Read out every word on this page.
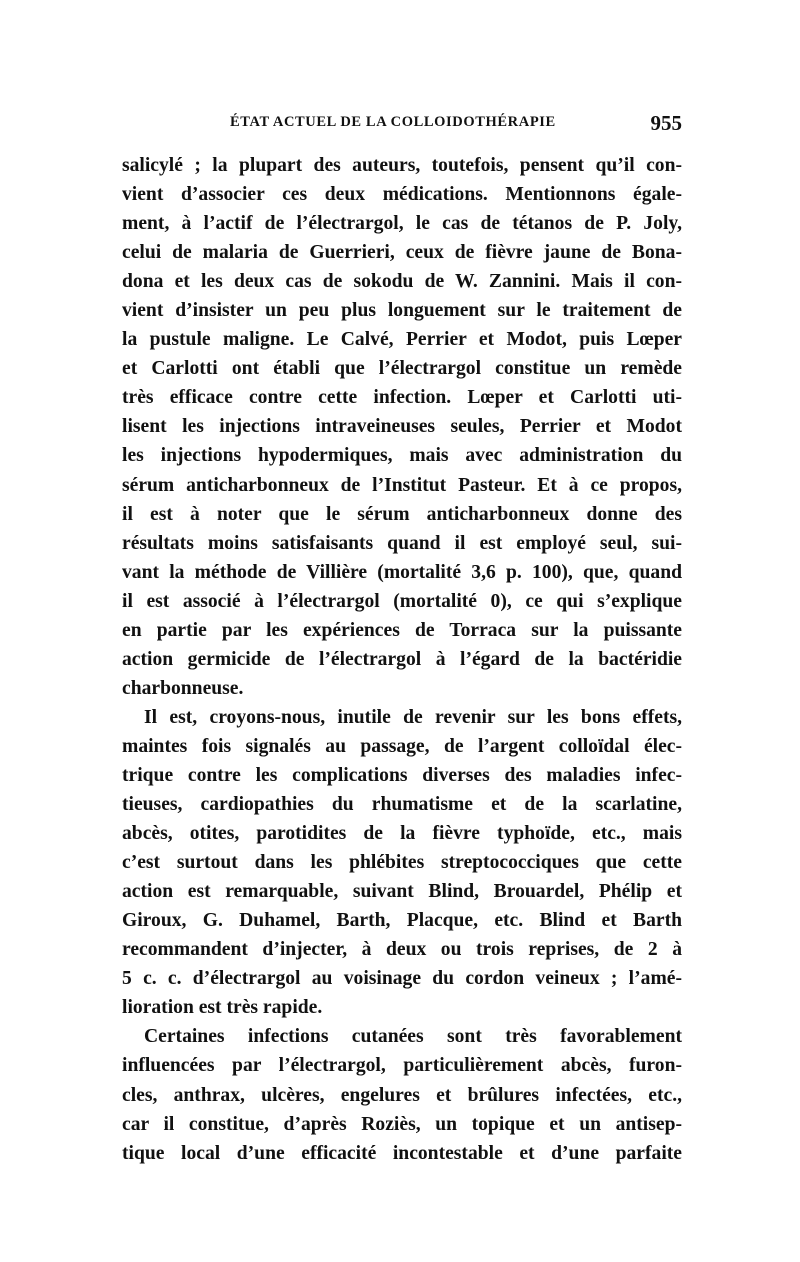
ÉTAT ACTUEL DE LA COLLOIDOTHÉRAPIE	955
salicylé ; la plupart des auteurs, toutefois, pensent qu’il con-
vient d’associer ces deux médications. Mentionnons égale-
ment, à l’actif de l’électrargol, le cas de tétanos de P. Joly,
celui de malaria de Guerrieri, ceux de fièvre jaune de Bona-
dona et les deux cas de sokodu de W. Zannini. Mais il con-
vient d’insister un peu plus longuement sur le traitement de
la pustule maligne. Le Calvé, Perrier et Modot, puis Lœper
et Carlotti ont établi que l’électrargol constitue un remède
très efficace contre cette infection. Lœper et Carlotti uti-
lisent les injections intraveineuses seules, Perrier et Modot
les injections hypodermiques, mais avec administration du
sérum anticharbonneux de l’Institut Pasteur. Et à ce propos,
il est à noter que le sérum anticharbonneux donne des
résultats moins satisfaisants quand il est employé seul, sui-
vant la méthode de Villière (mortalité 3,6 p. 100), que, quand
il est associé à l’électrargol (mortalité 0), ce qui s’explique
en partie par les expériences de Torraca sur la puissante
action germicide de l’électrargol à l’égard de la bactéridie
charbonneuse.
Il est, croyons-nous, inutile de revenir sur les bons effets,
maintes fois signalés au passage, de l’argent colloïdal élec-
trique contre les complications diverses des maladies infec-
tieuses, cardiopathies du rhumatisme et de la scarlatine,
abcès, otites, parotidites de la fièvre typhoïde, etc., mais
c’est surtout dans les phlébites streptococciques que cette
action est remarquable, suivant Blind, Brouardel, Phélip et
Giroux, G. Duhamel, Barth, Placque, etc. Blind et Barth
recommandent d’injecter, à deux ou trois reprises, de 2 à
5 c. c. d’électrargol au voisinage du cordon veineux ; l’amé-
lioration est très rapide.
Certaines infections cutanées sont très favorablement
influencées par l’électrargol, particulièrement abcès, furon-
cles, anthrax, ulcères, engelures et brûlures infectées, etc.,
car il constitue, d’après Roziès, un topique et un antisep-
tique local d’une efficacité incontestable et d’une parfaite
